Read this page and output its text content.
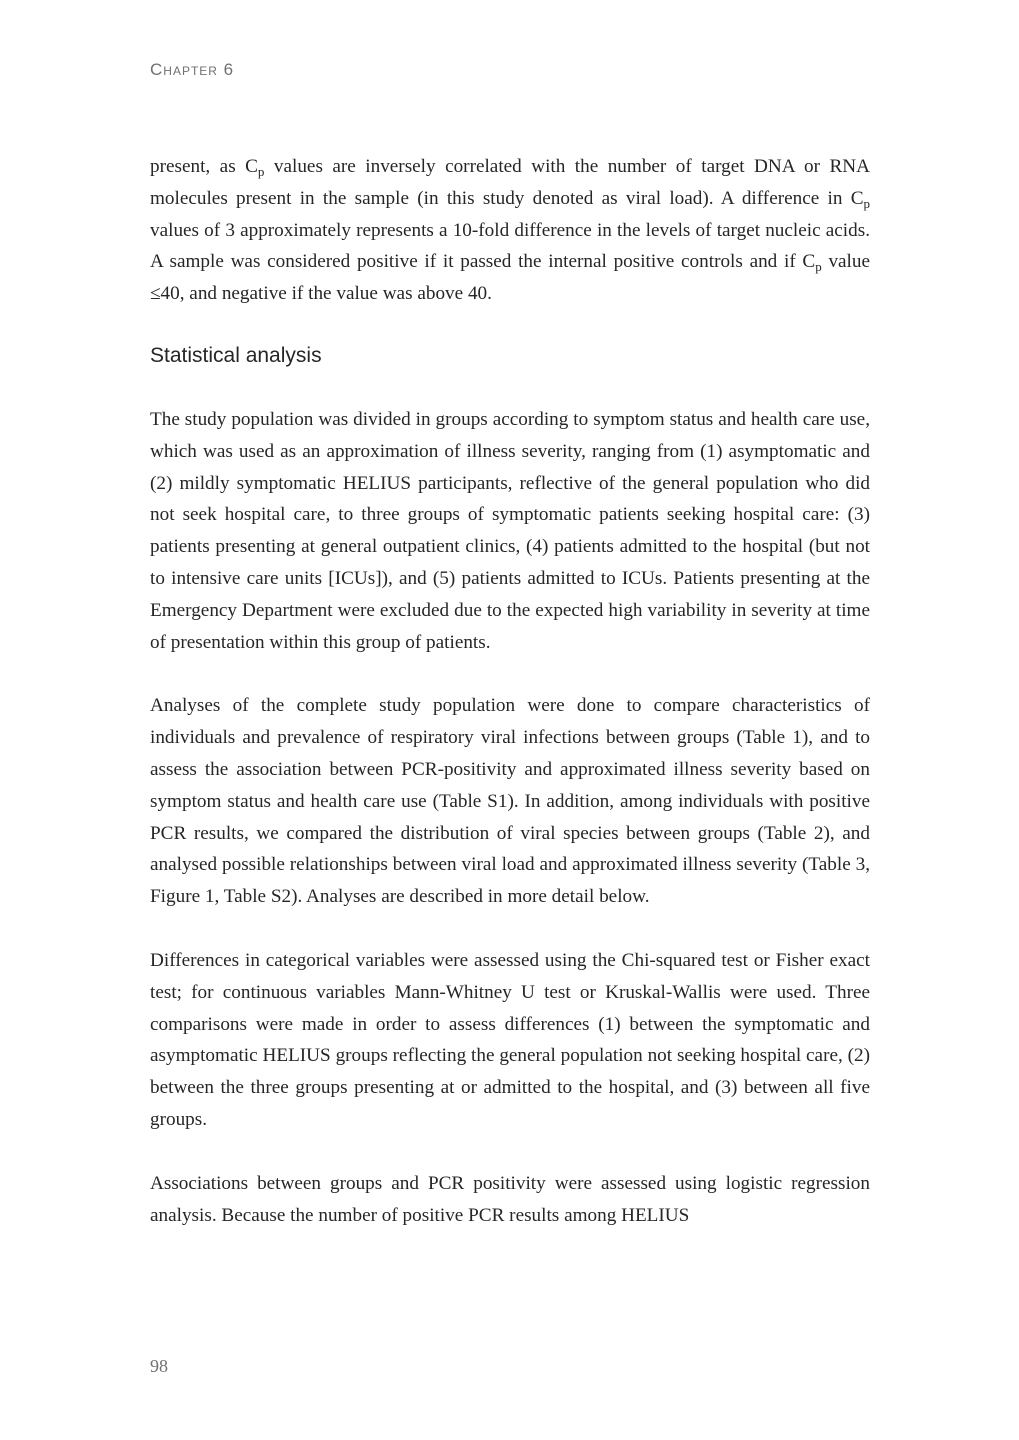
Chapter 6

present, as $C_p$ values are inversely correlated with the number of target DNA or RNA molecules present in the sample (in this study denoted as viral load). A difference in $C_p$ values of 3 approximately represents a 10-fold difference in the levels of target nucleic acids. A sample was considered positive if it passed the internal positive controls and if $C_p$ value ≤40, and negative if the value was above 40.

Statistical analysis

The study population was divided in groups according to symptom status and health care use, which was used as an approximation of illness severity, ranging from (1) asymptomatic and (2) mildly symptomatic HELIUS participants, reflective of the general population who did not seek hospital care, to three groups of symptomatic patients seeking hospital care: (3) patients presenting at general outpatient clinics, (4) patients admitted to the hospital (but not to intensive care units [ICUs]), and (5) patients admitted to ICUs. Patients presenting at the Emergency Department were excluded due to the expected high variability in severity at time of presentation within this group of patients.

Analyses of the complete study population were done to compare characteristics of individuals and prevalence of respiratory viral infections between groups (Table 1), and to assess the association between PCR-positivity and approximated illness severity based on symptom status and health care use (Table S1). In addition, among individuals with positive PCR results, we compared the distribution of viral species between groups (Table 2), and analysed possible relationships between viral load and approximated illness severity (Table 3, Figure 1, Table S2). Analyses are described in more detail below.

Differences in categorical variables were assessed using the Chi-squared test or Fisher exact test; for continuous variables Mann-Whitney U test or Kruskal-Wallis were used. Three comparisons were made in order to assess differences (1) between the symptomatic and asymptomatic HELIUS groups reflecting the general population not seeking hospital care, (2) between the three groups presenting at or admitted to the hospital, and (3) between all five groups.

Associations between groups and PCR positivity were assessed using logistic regression analysis. Because the number of positive PCR results among HELIUS

98
